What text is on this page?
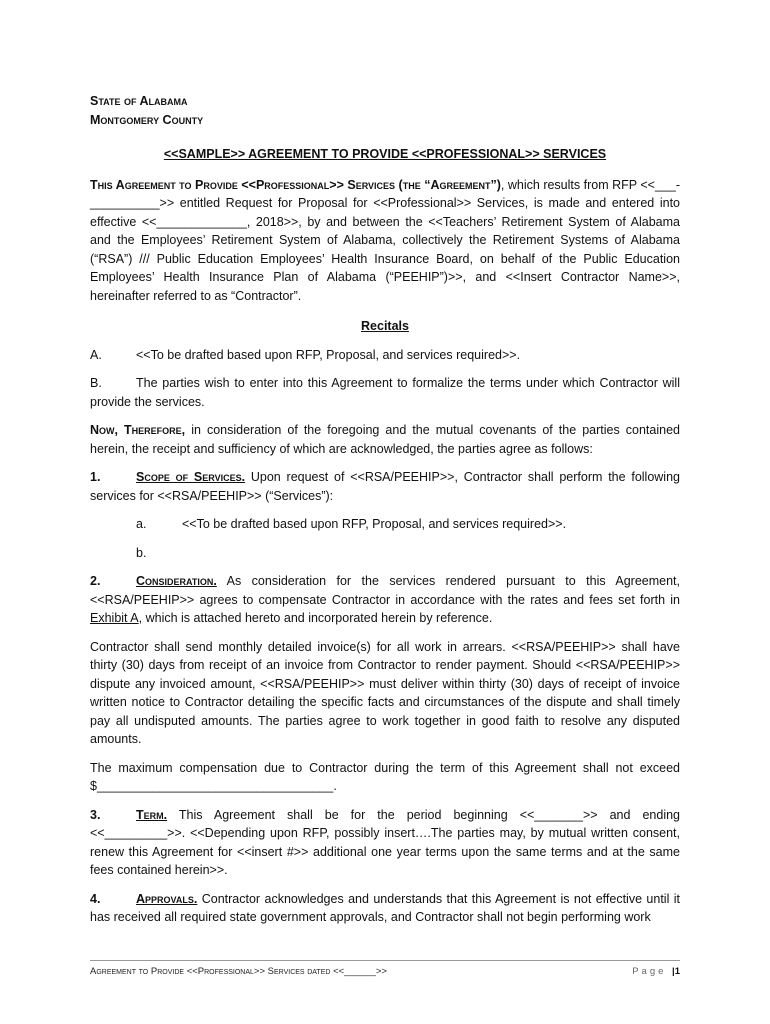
State of Alabama

Montgomery County

<<SAMPLE>> AGREEMENT TO PROVIDE <<PROFESSIONAL>> SERVICES

This Agreement to Provide <<Professional>> Services (the “Agreement”), which results from RFP <<___-__________>> entitled Request for Proposal for <<Professional>> Services, is made and entered into effective <<_____________, 2018>>, by and between the <<Teachers’ Retirement System of Alabama and the Employees’ Retirement System of Alabama, collectively the Retirement Systems of Alabama (“RSA”) /// Public Education Employees’ Health Insurance Board, on behalf of the Public Education Employees’ Health Insurance Plan of Alabama (“PEEHIP”)>>, and <<Insert Contractor Name>>, hereinafter referred to as “Contractor”.

Recitals

A.	<<To be drafted based upon RFP, Proposal, and services required>>.

B.	The parties wish to enter into this Agreement to formalize the terms under which Contractor will provide the services.

Now, Therefore, in consideration of the foregoing and the mutual covenants of the parties contained herein, the receipt and sufficiency of which are acknowledged, the parties agree as follows:

1.	Scope of Services. Upon request of <<RSA/PEEHIP>>, Contractor shall perform the following services for <<RSA/PEEHIP>> (“Services”):

a.	<<To be drafted based upon RFP, Proposal, and services required>>.

b.

2.	Consideration. As consideration for the services rendered pursuant to this Agreement, <<RSA/PEEHIP>> agrees to compensate Contractor in accordance with the rates and fees set forth in Exhibit A, which is attached hereto and incorporated herein by reference.

Contractor shall send monthly detailed invoice(s) for all work in arrears. <<RSA/PEEHIP>> shall have thirty (30) days from receipt of an invoice from Contractor to render payment. Should <<RSA/PEEHIP>> dispute any invoiced amount, <<RSA/PEEHIP>> must deliver within thirty (30) days of receipt of invoice written notice to Contractor detailing the specific facts and circumstances of the dispute and shall timely pay all undisputed amounts. The parties agree to work together in good faith to resolve any disputed amounts.

The maximum compensation due to Contractor during the term of this Agreement shall not exceed $__________________________________.

3.	Term. This Agreement shall be for the period beginning <<_______>> and ending <<_________>>. <<Depending upon RFP, possibly insert….The parties may, by mutual written consent, renew this Agreement for <<insert #>> additional one year terms upon the same terms and at the same fees contained herein>>.

4.	Approvals. Contractor acknowledges and understands that this Agreement is not effective until it has received all required state government approvals, and Contractor shall not begin performing work

Agreement to Provide <<Professional>> Services dated <<______>>	Page |1
